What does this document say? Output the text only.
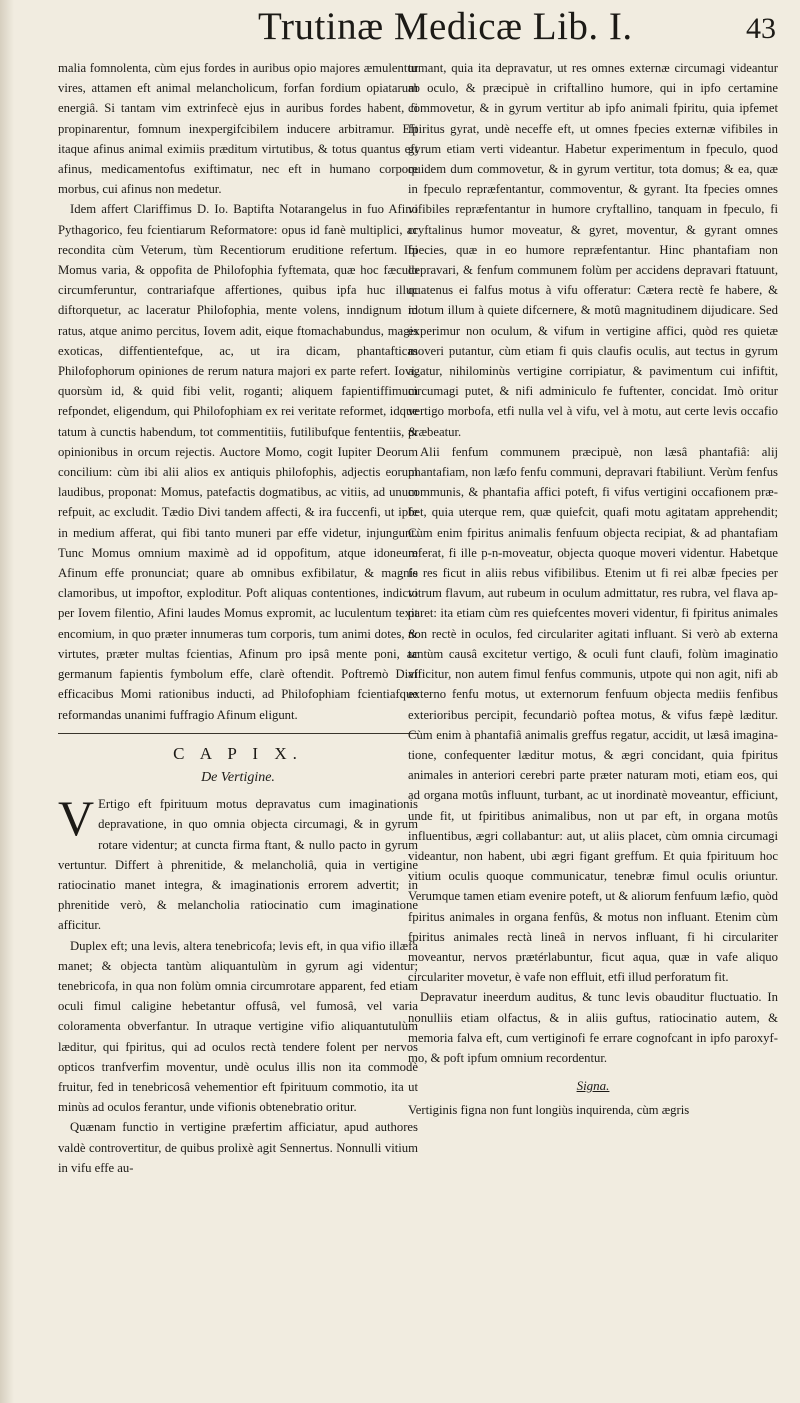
Trutinæ Medicæ Lib. I.	43

malia fomnolenta, cùm ejus fordes in auribus opio majores æmulentur vires, attamen eft animal melancholicum, forfan fordium opiatarum energiâ. Si tantam vim extrinfecè ejus in auribus fordes habent, fi propinarentur, fomnum inexpergifcibilem inducere arbitramur. Eft itaque afinus animal eximiis præditum virtutibus, & totus quantus eft afinus, medicamentofus exiftimatur, nec eft in humano corpore morbus, cui afinus non medetur.

Idem affert Clariffimus D. Io. Baptifta Notarangelus in fuo Afino Pythagorico, feu fcientiarum Reformatore: opus id fanè multiplici, ac recondita cùm Veterum, tùm Recentiorum eruditione refertum. Ibi Momus varia, & oppofita de Philofophia fyftemata, quæ hoc fæculo circumferuntur, contrariafque affertiones, quibus ipfa huc illuc diftorquetur, ac laceratur Philofophia, mente volens, inndignum id ratus, atque animo percitus, Iovem adit, eique ftomachabundus, magis exoticas, diffentientefque, ac, ut ira dicam, phantafticas Philofophorum opiniones de rerum natura majori ex parte refert. Iovi, quorsùm id, & quid fibi velit, roganti; aliquem fapientiffimum refpondet, eligendum, qui Philofophiam ex rei veritate reformet, idque tatum à cunctis habendum, tot commentitiis, futilibufque fententiis, & opinionibus in orcum rejectis. Auctore Momo, cogit Iupiter Deorum concilium: cùm ibi alii alios ex antiquis philofophis, adjectis eorum laudibus, proponat: Momus, patefactis dogmatibus, ac vitiis, ad unum refpuit, ac excludit. Tædio Divi tandem affecti, & ira fuccenfi, ut ipfe in medium afferat, qui fibi tanto muneri par effe videtur, injungunt. Tunc Momus omnium maximè ad id oppofitum, atque idoneum Afinum effe pronunciat; quare ab omnibus exfibilatur, & magnis clamoribus, ut impoftor, exploditur. Poft aliquas contentiones, indicto per Iovem filentio, Afini laudes Momus expromit, ac luculentum texit encomium, in quo præter innumeras tum corporis, tum animi dotes, & virtutes, præter multas fcientias, Afinum pro ipsâ mente poni, ac germanum fapientis fymbolum effe, clarè oftendit. Poftremò Divi efficacibus Momi rationibus inducti, ad Philofophiam fcientiafque reformandas unanimi fuffragio Afinum eligunt.

C A P I X.
De Vertigine.

V Ertigo eft fpirituum motus depravatus cum imaginationis depravatione, in quo omnia objecta circumagi, & in gyrum rotare videntur; at cuncta firma ftant, & nullo pacto in gyrum vertuntur. Differt à phrenitide, & melancholiâ, quia in vertigine ratiocinatio manet integra, & imaginationis errorem advertit; in phrenitide verò, & melancholia ratiocinatio cum imaginatione afficitur.

Duplex eft; una levis, altera tenebricofa; levis eft, in qua vifio illæfa manet; & objecta tantùm aliquantulùm in gyrum agi videntur; tenebricofa, in qua non folùm omnia circumrotare apparent, fed etiam oculi fimul caligine hebetantur offusâ, vel fumosâ, vel varia coloramenta obverfantur. In utraque vertigine vifio aliquantutulùm læditur, qui fpiritus, qui ad oculos rectà tendere folent per nervos opticos tranfverfim moventur, undè oculus illis non ita commodè fruitur, fed in tenebricosâ vehementior eft fpirituum commotio, ita ut minùs ad oculos ferantur, unde vifionis obtenebratio oritur.

Quænam functio in vertigine præfertim afficiatur, apud authores valdè controvertitur, de quibus prolixè agit Sennertus. Nonnulli vitium in vifu effe au-

tumant, quia ita depravatur, ut res omnes externæ circumagi videantur ab oculo, & præcipuè in criftallino humore, qui in ipfo certamine commovetur, & in gyrum vertitur ab ipfo animali fpiritu, quia ipfemet fpiritus gyrat, undè neceffe eft, ut omnes fpecies externæ vifibiles in gyrum etiam verti videantur. Habetur experimentum in fpeculo, quod quidem dum commovetur, & in gyrum vertitur, tota domus; & ea, quæ in fpeculo repræfentantur, commoventur, & gyrant. Ita fpecies omnes vifibiles repræfentantur in humore cryftallino, tanquam in fpeculo, fi cryftalinus humor moveatur, & gyret, moventur, & gyrant omnes fpecies, quæ in eo humore repræfentantur. Hinc phantafiam non depravari, & fenfum communem folùm per accidens depravari ftatuunt, quatenus ei falfus motus à vifu offeratur: Cætera rectè fe habere, & motum illum à quiete difcernere, & motû magnitudinem dijudicare. Sed experimur non oculum, & vifum in vertigine affici, quòd res quietæ moveri putantur, cùm etiam fi quis claufis oculis, aut tectus in gyrum agatur, nihilominùs vertigine corripiatur, & pavimentum cui infiftit, circumagi putet, & nifi adminiculo fe fuftenter, concidat. Imò oritur vertigo morbofa, etfi nulla vel à vifu, vel à motu, aut certe levis occafio præbeatur.

Alii fenfum communem præcipuè, non læsâ phantafiâ: alij phantafiam, non læfo fenfu communi, depravari ftabiliunt. Verùm fenfus communis, & phantafia affici poteft, fi vifus vertigini occafionem præbet, quia uterque rem, quæ quiefcit, quafi motu agitatam apprehendit; Cùm enim fpiritus animalis fenfuum objecta recipiat, & ad phantafiam referat, fi ille p-n-moveatur, objecta quoque moveri videntur. Habetque fe res ficut in aliis rebus vifibilibus. Etenim ut fi rei albæ fpecies per vitrum flavum, aut rubeum in oculum admittatur, res rubra, vel flava apparet: ita etiam cùm res quiefcentes moveri videntur, fi fpiritus animales non rectè in oculos, fed circulariter agitati influant. Si verò ab externa tantùm causâ excitetur vertigo, & oculi funt claufi, folùm imaginatio afficitur, non autem fimul fenfus communis, utpote qui non agit, nifi ab externo fenfu motus, ut externorum fenfuum objecta mediis fenfibus exterioribus percipit, fecundariò poftea motus, & vifus fæpè læditur. Cùm enim à phantafiâ animalis greffus regatur, accidit, ut læsâ imaginatione, confequenter læditur motus, & ægri concidant, quia fpiritus animales in anteriori cerebri parte præter naturam moti, etiam eos, qui ad organa motûs influunt, turbant, ac ut inordinatè moveantur, efficiunt, unde fit, ut fpiritibus animalibus, non ut par eft, in organa motûs influentibus, ægri collabantur: aut, ut aliis placet, cùm omnia circumagi videantur, non habent, ubi ægri figant greffum. Et quia fpirituum hoc vitium oculis quoque communicatur, tenebræ fimul oculis oriuntur. Verumque tamen etiam evenire poteft, ut & aliorum fenfuum læfio, quòd fpiritus animales in organa fenfûs, & motus non influant. Etenim cùm fpiritus animales rectà lineâ in nervos influant, fi hi circulariter moveantur, nervos prætérlabuntur, ficut aqua, quæ in vafe aliquo circulariter movetur, è vafe non effluit, etfi illud perforatum fit.

Depravatur ineerdum auditus, & tunc levis obauditur fluctuatio. In nonulliis etiam olfactus, & in aliis guftus, ratiocinatio autem, & memoria falva eft, cum vertiginofi fe errare cognofcant in ipfo paroxyfmo, & poft ipfum omnium recordentur.

Signa.

Vertiginis figna non funt longiùs inquirenda, cùm ægris
